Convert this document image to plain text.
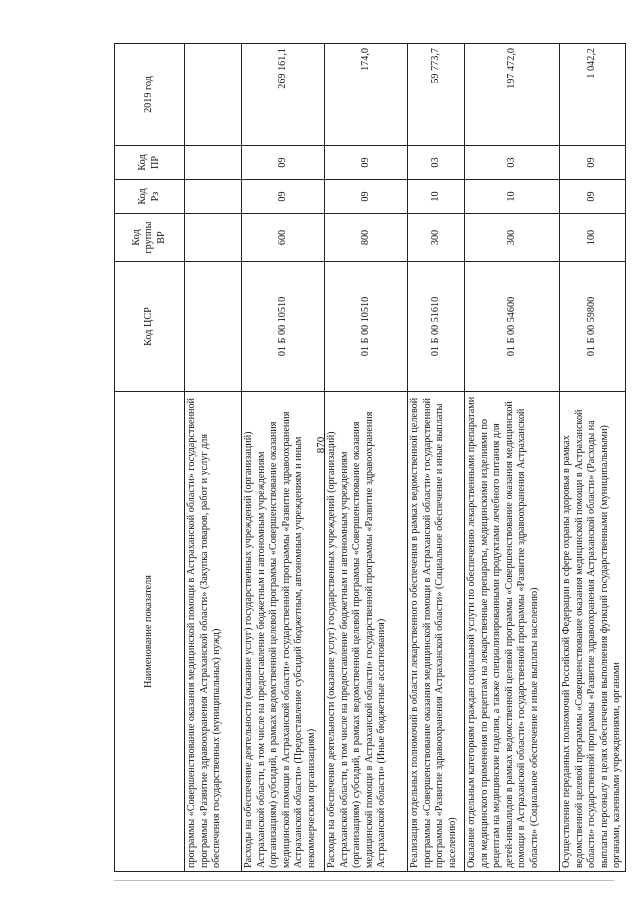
870
Наименование показателя	Код ЦСР	Код группы ВР	Код Рз	Код ПР	2019 год
программы «Совершенствование оказания медицинской помощи в Астраханской области» государственной программы «Развитие здравоохранения Астраханской области» (Закупка товаров, работ и услуг для обеспечения государственных (муниципальных) нужд)					
Расходы на обеспечение деятельности (оказание услуг) государственных учреждений (организаций) Астраханской области, в том числе на предоставление бюджетным и автономным учреждениям (организациям) субсидий, в рамках ведомственной целевой программы «Совершенствование оказания медицинской помощи в Астраханской области» государственной программы «Развитие здравоохранения Астраханской области» (Предоставление субсидий бюджетным, автономным учреждениям и иным некоммерческим организациям)	01 Б 00 10510	600	09	09	269 161,1
Расходы на обеспечение деятельности (оказание услуг) государственных учреждений (организаций) Астраханской области, в том числе на предоставление бюджетным и автономным учреждениям (организациям) субсидий, в рамках ведомственной целевой программы «Совершенствование оказания медицинской помощи в Астраханской области» государственной программы «Развитие здравоохранения Астраханской области» (Иные бюджетные ассигнования)	01 Б 00 10510	800	09	09	174,0
Реализация отдельных полномочий в области лекарственного обеспечения в рамках ведомственной целевой программы «Совершенствование оказания медицинской помощи в Астраханской области» государственной программы «Развитие здравоохранения Астраханской области» (Социальное обеспечение и иные выплаты населению)	01 Б 00 51610	300	10	03	59 773,7
Оказание отдельным категориям граждан социальной услуги по обеспечению лекарственными препаратами для медицинского применения по рецептам на лекарственные препараты, медицинскими изделиями по рецептам на медицинские изделия, а также специализированными продуктами лечебного питания для детей-инвалидов в рамках ведомственной целевой программы «Совершенствование оказания медицинской помощи в Астраханской области» государственной программы «Развитие здравоохранения Астраханской области» (Социальное обеспечение и иные выплаты населению)	01 Б 00 54600	300	10	03	197 472,0
Осуществление переданных полномочий Российской Федерации в сфере охраны здоровья в рамках ведомственной целевой программы «Совершенствование оказания медицинской помощи в Астраханской области» государственной программы «Развитие здравоохранения Астраханской области» (Расходы на выплаты персоналу в целях обеспечения выполнения функций государственными (муниципальными) органами, казенными учреждениями, органами	01 Б 00 59800	100	09	09	1 042,2
